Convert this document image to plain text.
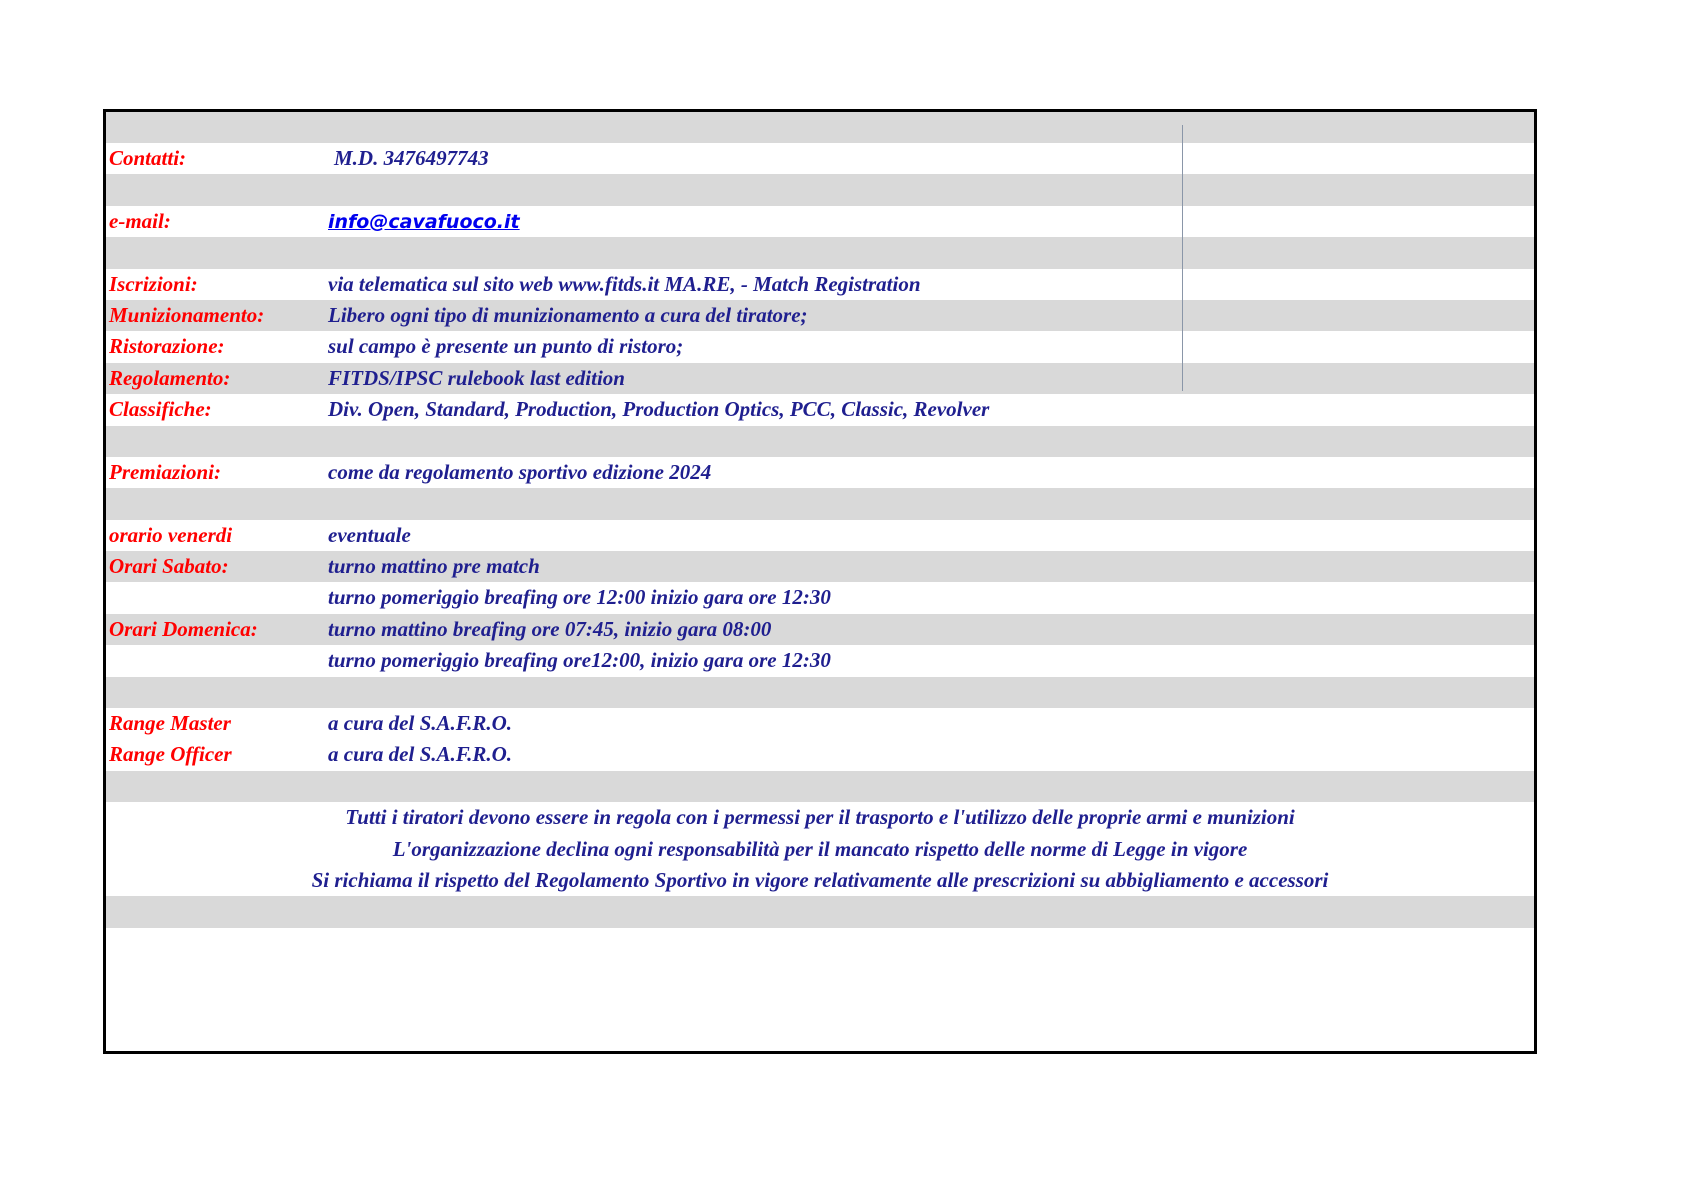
Contatti:	M.D. 3476497743
e-mail:	info@cavafuoco.it
Iscrizioni:	via telematica sul sito web www.fitds.it MA.RE, - Match Registration
Munizionamento:	Libero ogni tipo di munizionamento a cura del tiratore;
Ristorazione:	sul campo è presente un punto di ristoro;
Regolamento:	FITDS/IPSC rulebook last edition
Classifiche:	Div. Open, Standard, Production, Production Optics, PCC, Classic, Revolver
Premiazioni:	come da regolamento sportivo edizione 2024
orario venerdi	eventuale
Orari Sabato:	turno mattino pre match
turno pomeriggio breafing ore 12:00 inizio gara ore 12:30
Orari Domenica:	turno mattino breafing ore 07:45, inizio gara 08:00
turno pomeriggio breafing ore12:00, inizio gara ore 12:30
Range Master	a cura del S.A.F.R.O.
Range Officer	a cura del S.A.F.R.O.
Tutti i tiratori devono essere in regola con i permessi per il trasporto e l'utilizzo delle proprie armi e munizioni
L'organizzazione declina ogni responsabilità per il mancato rispetto delle norme di Legge in vigore
Si richiama il rispetto del Regolamento Sportivo in vigore relativamente alle prescrizioni su abbigliamento e accessori
